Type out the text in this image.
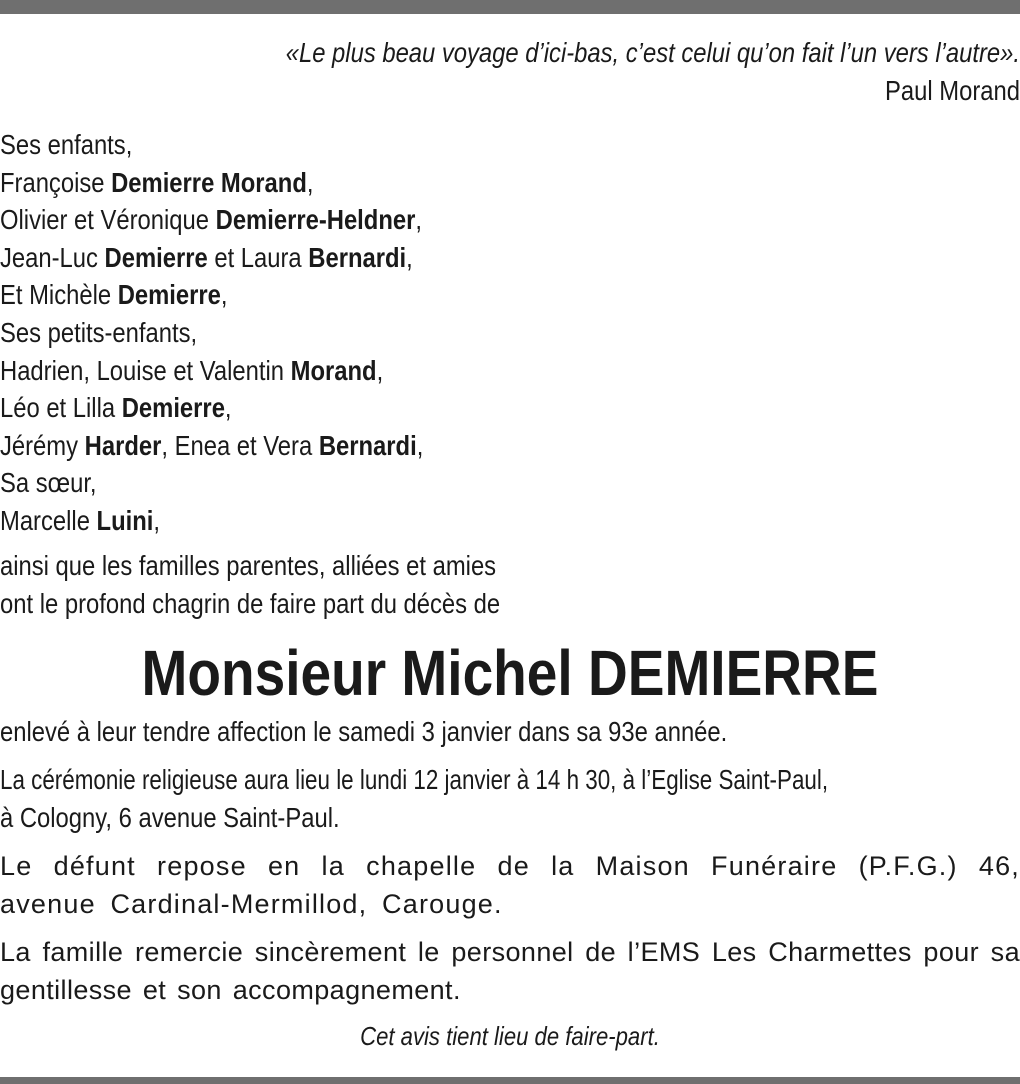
«Le plus beau voyage d’ici-bas, c’est celui qu’on fait l’un vers l’autre».
Paul Morand
Ses enfants,
Françoise Demierre Morand,
Olivier et Véronique Demierre-Heldner,
Jean-Luc Demierre et Laura Bernardi,
Et Michèle Demierre,
Ses petits-enfants,
Hadrien, Louise et Valentin Morand,
Léo et Lilla Demierre,
Jérémy Harder, Enea et Vera Bernardi,
Sa sœur,
Marcelle Luini,
ainsi que les familles parentes, alliées et amies
ont le profond chagrin de faire part du décès de
Monsieur Michel DEMIERRE
enlevé à leur tendre affection le samedi 3 janvier dans sa 93e année.
La cérémonie religieuse aura lieu le lundi 12 janvier à 14 h 30, à l’Eglise Saint-Paul,
à Cologny, 6 avenue Saint-Paul.
Le défunt repose en la chapelle de la Maison Funéraire (P.F.G.) 46, avenue Cardinal-Mermillod, Carouge.
La famille remercie sincèrement le personnel de l’EMS Les Charmettes pour sa gentillesse et son accompagnement.
Cet avis tient lieu de faire-part.
